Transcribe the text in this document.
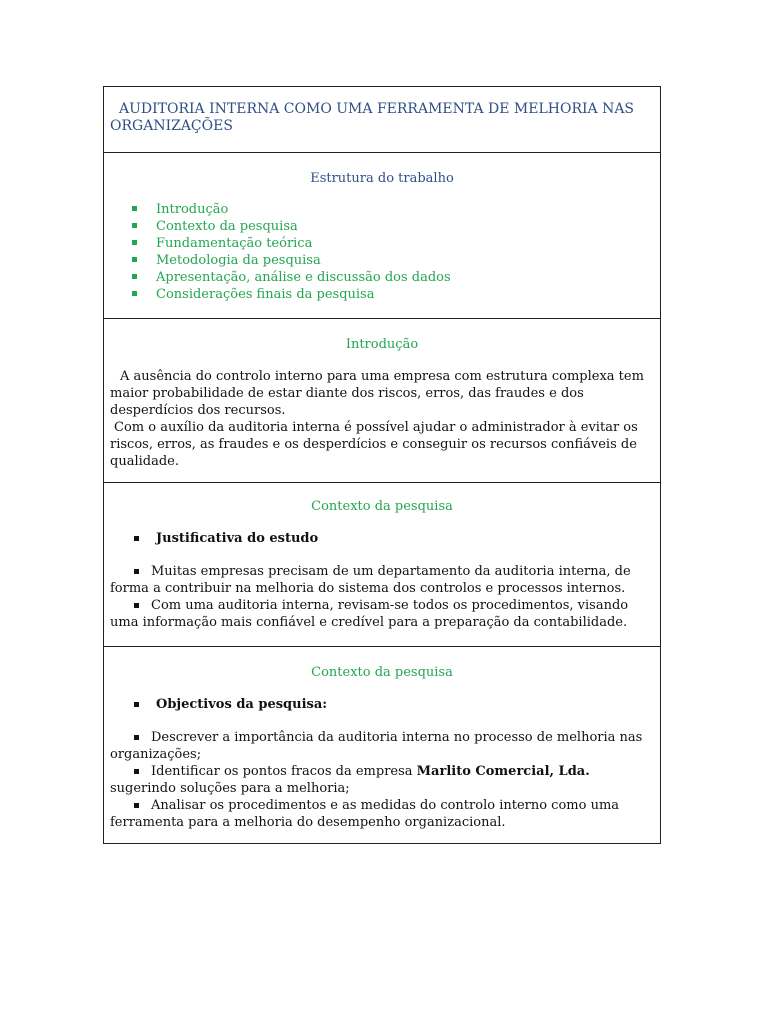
AUDITORIA INTERNA COMO UMA FERRAMENTA DE MELHORIA NAS ORGANIZAÇÕES
Estrutura do trabalho
Introdução
Contexto da pesquisa
Fundamentação teórica
Metodologia da pesquisa
Apresentação, análise e discussão dos dados
Considerações finais da pesquisa
Introdução

A ausência do controlo interno para uma empresa com estrutura complexa tem maior probabilidade de estar diante dos riscos, erros, das fraudes e dos desperdícios dos recursos.

Com o auxílio da auditoria interna é possível ajudar o administrador à evitar os riscos, erros, as fraudes e os desperdícios e conseguir os recursos confiáveis de qualidade.

Contexto da pesquisa

Justificativa do estudo

Muitas empresas precisam de um departamento da auditoria interna, de forma a contribuir na melhoria do sistema dos controlos e processos internos.

Com uma auditoria interna, revisam-se todos os procedimentos, visando uma informação mais confiável e credível para a preparação da contabilidade.

Contexto da pesquisa

Objectivos da pesquisa:

Descrever a importância da auditoria interna no processo de melhoria nas organizações;

Identificar os pontos fracos da empresa Marlito Comercial, Lda. sugerindo soluções para a melhoria;

Analisar os procedimentos e as medidas do controlo interno como uma ferramenta para a melhoria do desempenho organizacional.
